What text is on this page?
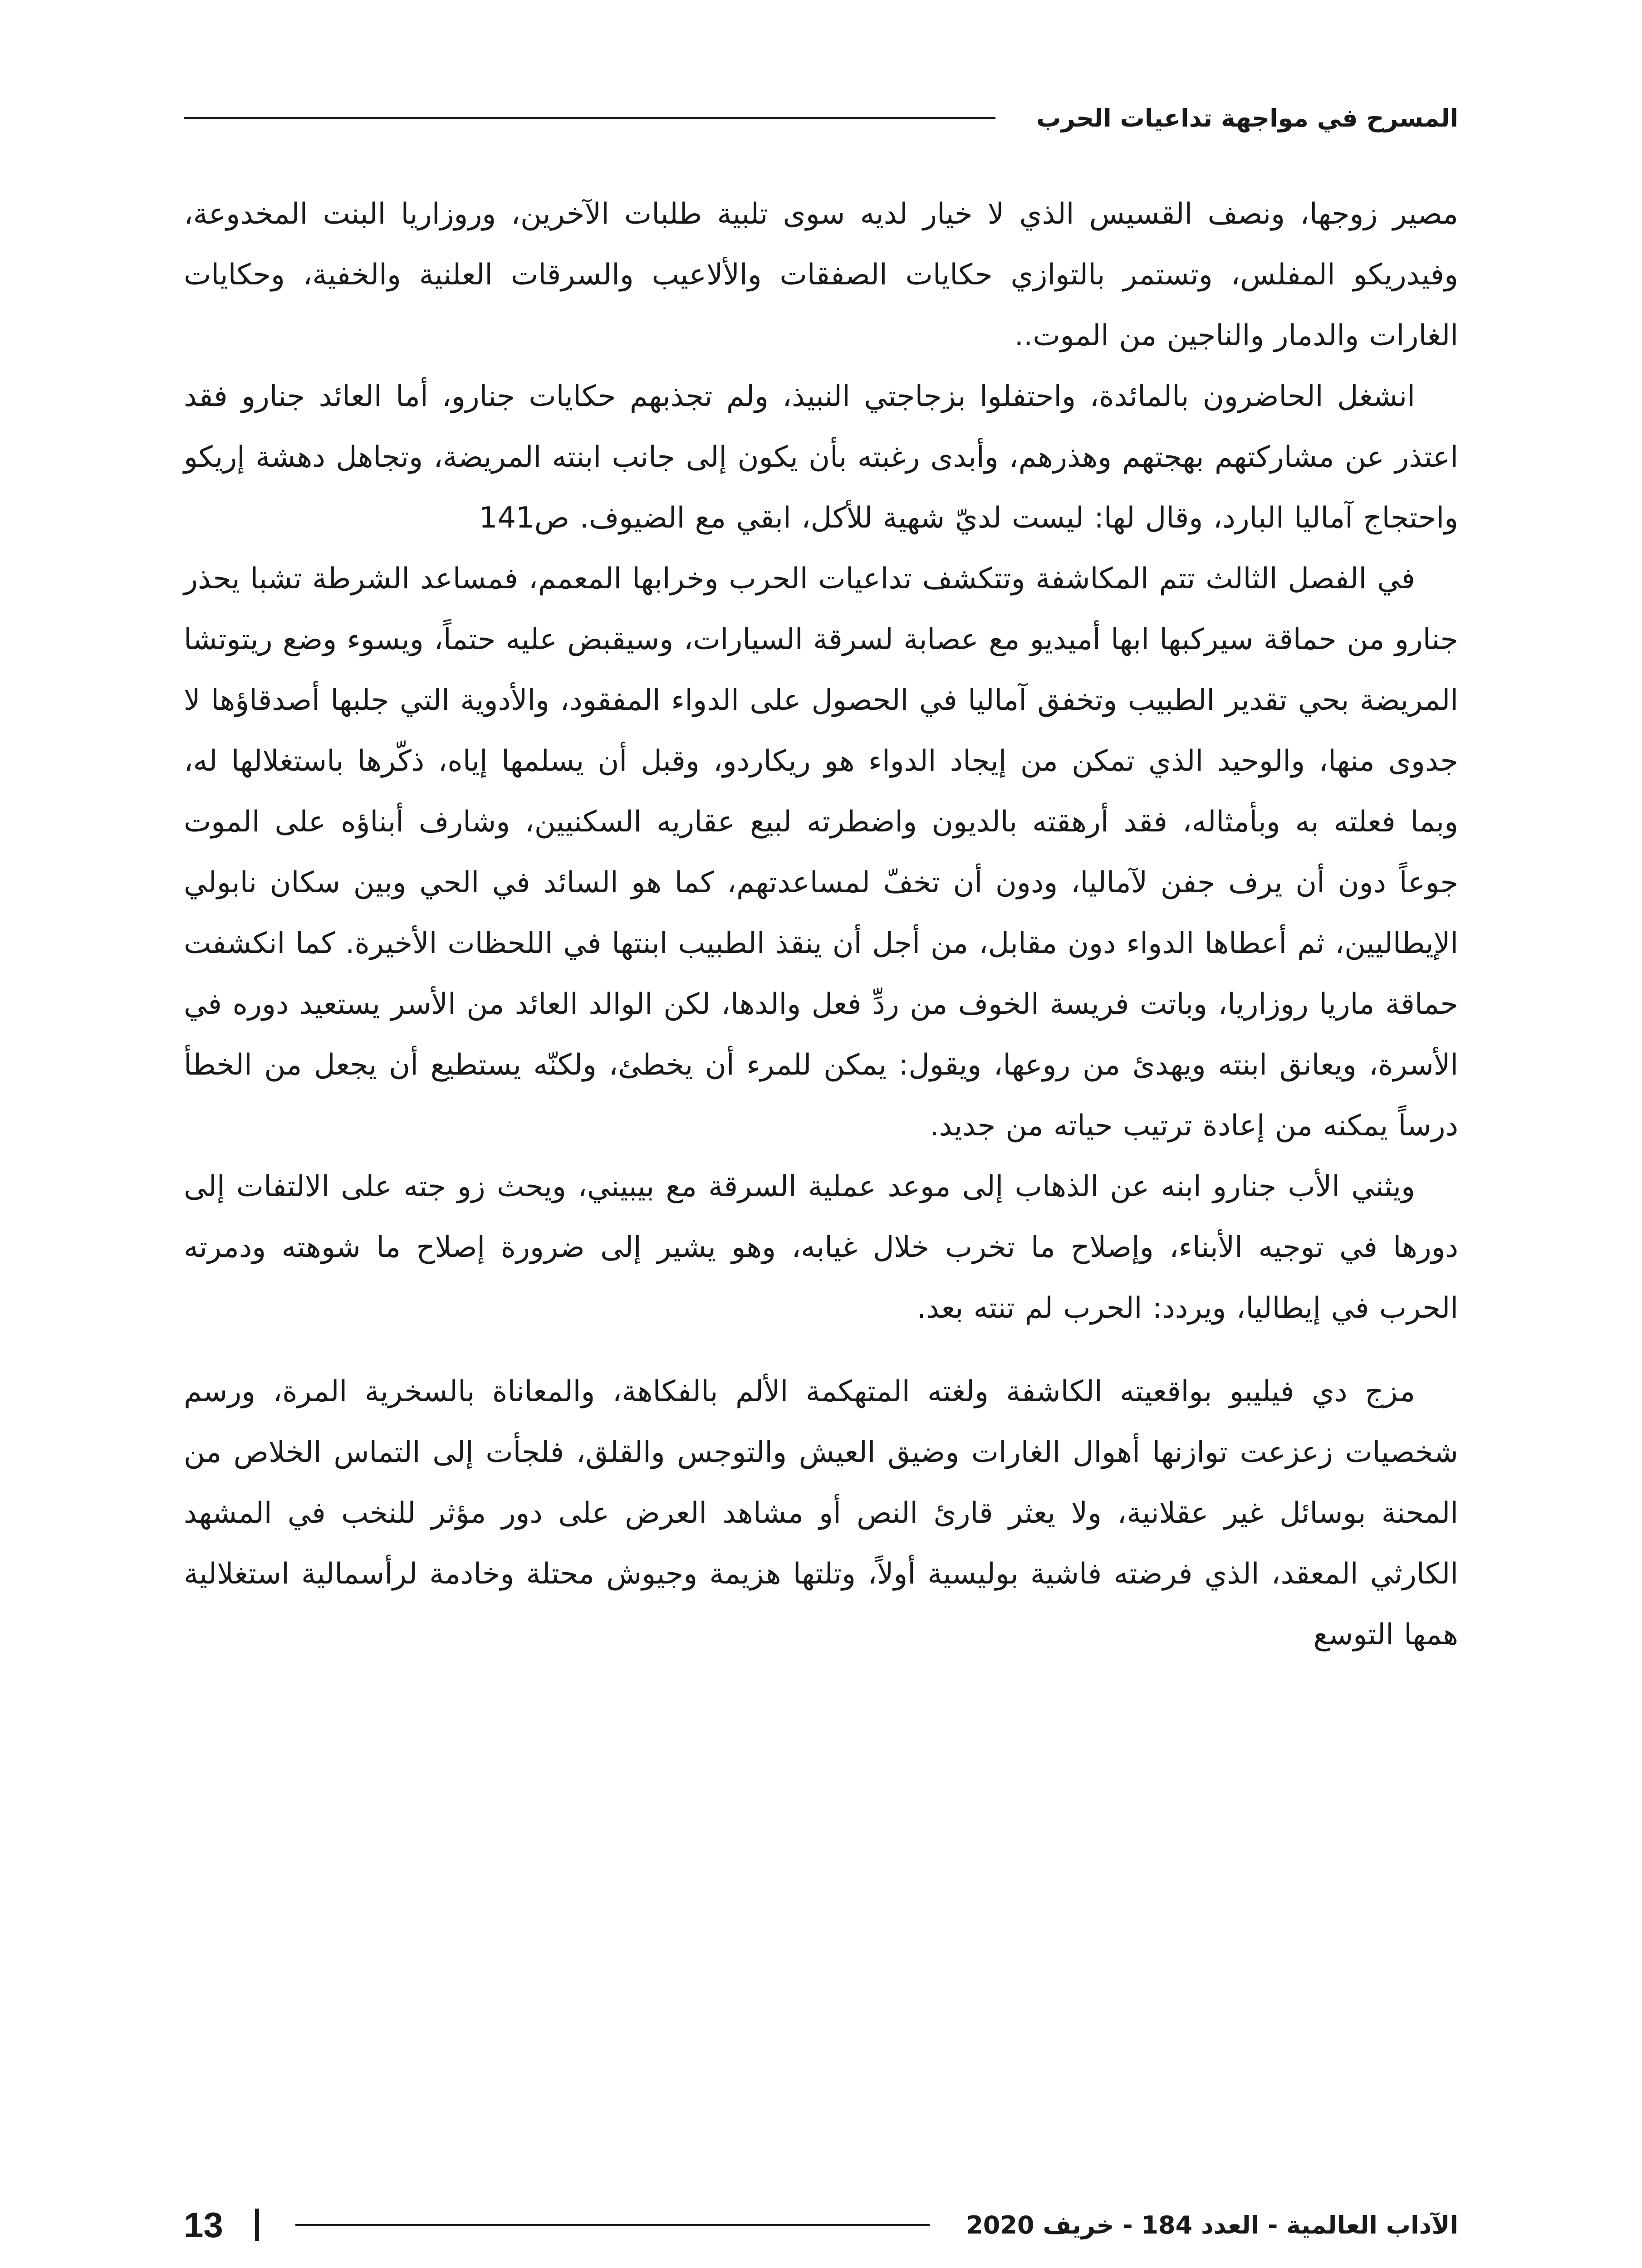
المسرح في مواجهة تداعيات الحرب

مصير زوجها، ونصف القسيس الذي لا خيار لديه سوى تلبية طلبات الآخرين، وروزاريا البنت المخدوعة، وفيدريكو المفلس، وتستمر بالتوازي حكايات الصفقات والألاعيب والسرقات العلنية والخفية، وحكايات الغارات والدمار والناجين من الموت..

انشغل الحاضرون بالمائدة، واحتفلوا بزجاجتي النبيذ، ولم تجذبهم حكايات جنارو، أما العائد جنارو فقد اعتذر عن مشاركتهم بهجتهم وهذرهم، وأبدى رغبته بأن يكون إلى جانب ابنته المريضة، وتجاهل دهشة إريكو واحتجاج آماليا البارد، وقال لها: ليست لديّ شهية للأكل، ابقي مع الضيوف. ص141

في الفصل الثالث تتم المكاشفة وتتكشف تداعيات الحرب وخرابها المعمم، فمساعد الشرطة تشبا يحذر جنارو من حماقة سيركبها ابها أميديو مع عصابة لسرقة السيارات، وسيقبض عليه حتماً، ويسوء وضع ريتوتشا المريضة بحي تقدير الطبيب وتخفق آماليا في الحصول على الدواء المفقود، والأدوية التي جلبها أصدقاؤها لا جدوى منها، والوحيد الذي تمكن من إيجاد الدواء هو ريكاردو، وقبل أن يسلمها إياه، ذكّرها باستغلالها له، وبما فعلته به وبأمثاله، فقد أرهقته بالديون واضطرته لبيع عقاريه السكنيين، وشارف أبناؤه على الموت جوعاً دون أن يرف جفن لآماليا، ودون أن تخفّ لمساعدتهم، كما هو السائد في الحي وبين سكان نابولي الإيطاليين، ثم أعطاها الدواء دون مقابل، من أجل أن ينقذ الطبيب ابنتها في اللحظات الأخيرة. كما انكشفت حماقة ماريا روزاريا، وباتت فريسة الخوف من ردِّ فعل والدها، لكن الوالد العائد من الأسر يستعيد دوره في الأسرة، ويعانق ابنته ويهدئ من روعها، ويقول: يمكن للمرء أن يخطئ، ولكنّه يستطيع أن يجعل من الخطأ درساً يمكنه من إعادة ترتيب حياته من جديد.

ويثني الأب جنارو ابنه عن الذهاب إلى موعد عملية السرقة مع بيبيني، ويحث زو جته على الالتفات إلى دورها في توجيه الأبناء، وإصلاح ما تخرب خلال غيابه، وهو يشير إلى ضرورة إصلاح ما شوهته ودمرته الحرب في إيطاليا، ويردد: الحرب لم تنته بعد.

مزج دي فيليبو بواقعيته الكاشفة ولغته المتهكمة الألم بالفكاهة، والمعاناة بالسخرية المرة، ورسم شخصيات زعزعت توازنها أهوال الغارات وضيق العيش والتوجس والقلق، فلجأت إلى التماس الخلاص من المحنة بوسائل غير عقلانية، ولا يعثر قارئ النص أو مشاهد العرض على دور مؤثر للنخب في المشهد الكارثي المعقد، الذي فرضته فاشية بوليسية أولاً، وتلتها هزيمة وجيوش محتلة وخادمة لرأسمالية استغلالية همها التوسع

الآداب العالمية - العدد 184 - خريف 2020
13
